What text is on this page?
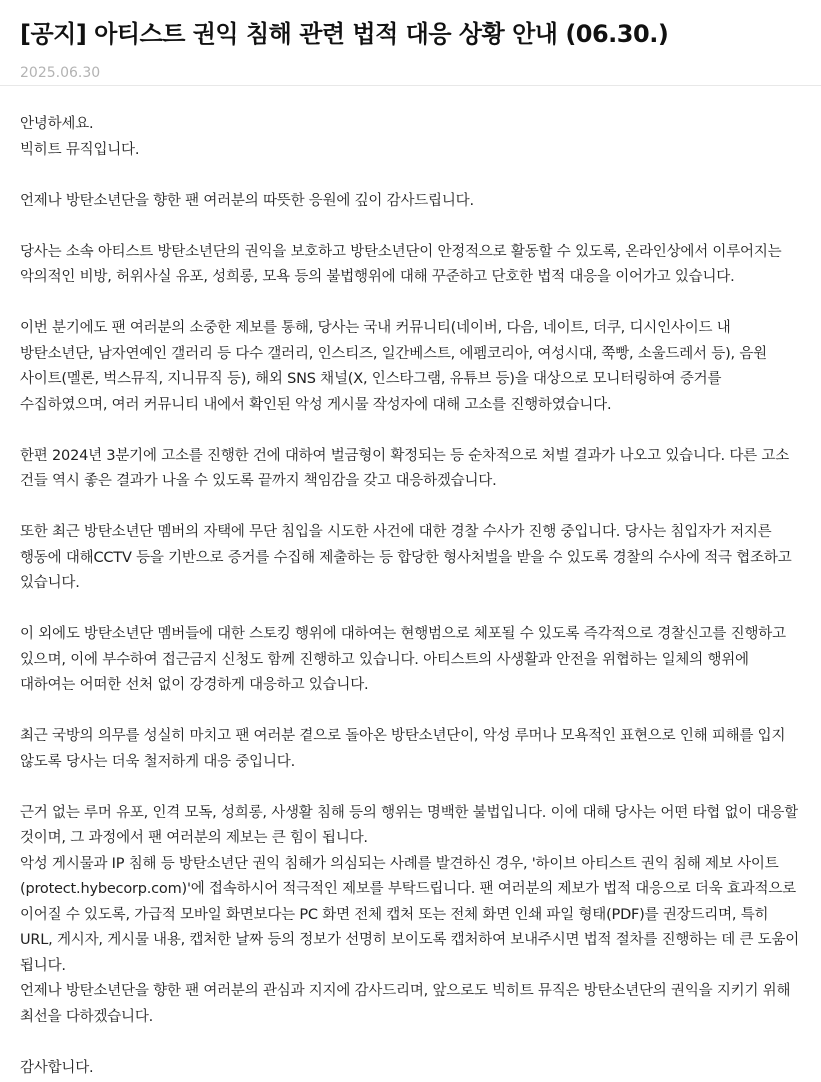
[공지] 아티스트 권익 침해 관련 법적 대응 상황 안내 (06.30.)
2025.06.30

안녕하세요.

빅히트 뮤직입니다.

언제나 방탄소년단을 향한 팬 여러분의 따뜻한 응원에 깊이 감사드립니다.

당사는 소속 아티스트 방탄소년단의 권익을 보호하고 방탄소년단이 안정적으로 활동할 수 있도록, 온라인상에서 이루어지는 악의적인 비방, 허위사실 유포, 성희롱, 모욕 등의 불법행위에 대해 꾸준하고 단호한 법적 대응을 이어가고 있습니다.

이번 분기에도 팬 여러분의 소중한 제보를 통해, 당사는 국내 커뮤니티(네이버, 다음, 네이트, 더쿠, 디시인사이드 내 방탄소년단, 남자연예인 갤러리 등 다수 갤러리, 인스티즈, 일간베스트, 에펨코리아, 여성시대, 쭉빵, 소울드레서 등), 음원 사이트(멜론, 벅스뮤직, 지니뮤직 등), 해외 SNS 채널(X, 인스타그램, 유튜브 등)을 대상으로 모니터링하여 증거를 수집하였으며, 여러 커뮤니티 내에서 확인된 악성 게시물 작성자에 대해 고소를 진행하였습니다.

한편 2024년 3분기에 고소를 진행한 건에 대하여 벌금형이 확정되는 등 순차적으로 처벌 결과가 나오고 있습니다. 다른 고소 건들 역시 좋은 결과가 나올 수 있도록 끝까지 책임감을 갖고 대응하겠습니다.

또한 최근 방탄소년단 멤버의 자택에 무단 침입을 시도한 사건에 대한 경찰 수사가 진행 중입니다. 당사는 침입자가 저지른 행동에 대해CCTV 등을 기반으로 증거를 수집해 제출하는 등 합당한 형사처벌을 받을 수 있도록 경찰의 수사에 적극 협조하고 있습니다.

이 외에도 방탄소년단 멤버들에 대한 스토킹 행위에 대하여는 현행범으로 체포될 수 있도록 즉각적으로 경찰신고를 진행하고 있으며, 이에 부수하여 접근금지 신청도 함께 진행하고 있습니다. 아티스트의 사생활과 안전을 위협하는 일체의 행위에 대하여는 어떠한 선처 없이 강경하게 대응하고 있습니다.

최근 국방의 의무를 성실히 마치고 팬 여러분 곁으로 돌아온 방탄소년단이, 악성 루머나 모욕적인 표현으로 인해 피해를 입지 않도록 당사는 더욱 철저하게 대응 중입니다.

근거 없는 루머 유포, 인격 모독, 성희롱, 사생활 침해 등의 행위는 명백한 불법입니다. 이에 대해 당사는 어떤 타협 없이 대응할 것이며, 그 과정에서 팬 여러분의 제보는 큰 힘이 됩니다.

악성 게시물과 IP 침해 등 방탄소년단 권익 침해가 의심되는 사례를 발견하신 경우, '하이브 아티스트 권익 침해 제보 사이트(protect.hybecorp.com)'에 접속하시어 적극적인 제보를 부탁드립니다. 팬 여러분의 제보가 법적 대응으로 더욱 효과적으로 이어질 수 있도록, 가급적 모바일 화면보다는 PC 화면 전체 캡처 또는 전체 화면 인쇄 파일 형태(PDF)를 권장드리며, 특히 URL, 게시자, 게시물 내용, 캡처한 날짜 등의 정보가 선명히 보이도록 캡처하여 보내주시면 법적 절차를 진행하는 데 큰 도움이 됩니다.

언제나 방탄소년단을 향한 팬 여러분의 관심과 지지에 감사드리며, 앞으로도 빅히트 뮤직은 방탄소년단의 권익을 지키기 위해 최선을 다하겠습니다.

감사합니다.
